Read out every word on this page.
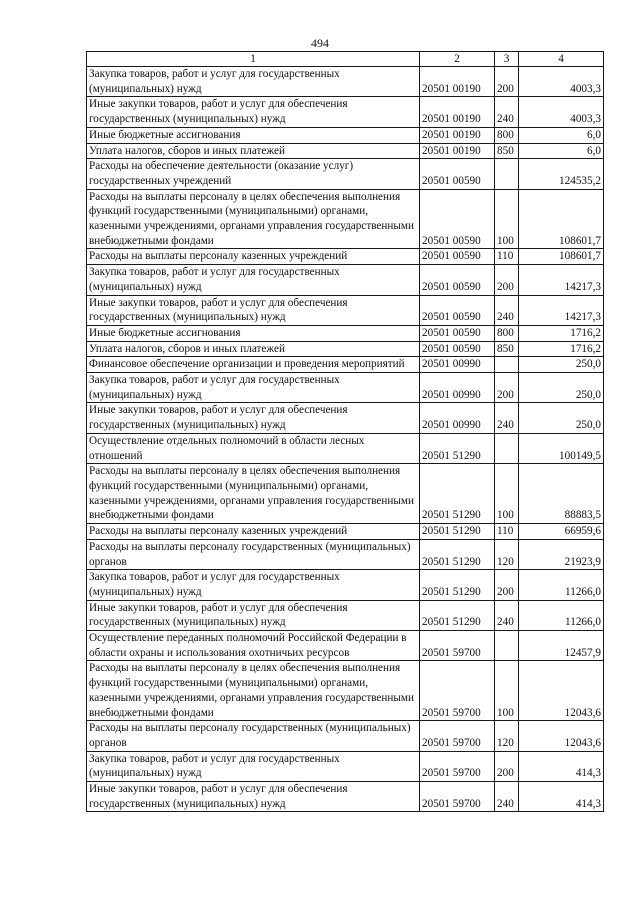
494
1	2	3	4
Закупка товаров, работ и услуг для государственных (муниципальных) нужд	20501 00190	200	4003,3
Иные закупки товаров, работ и услуг для обеспечения государственных (муниципальных) нужд	20501 00190	240	4003,3
Иные бюджетные ассигнования	20501 00190	800	6,0
Уплата налогов, сборов и иных платежей	20501 00190	850	6,0
Расходы на обеспечение деятельности (оказание услуг) государственных учреждений	20501 00590		124535,2
Расходы на выплаты персоналу в целях обеспечения выполнения функций государственными (муниципальными) органами, казенными учреждениями, органами управления государственными внебюджетными фондами	20501 00590	100	108601,7
Расходы на выплаты персоналу казенных учреждений	20501 00590	110	108601,7
Закупка товаров, работ и услуг для государственных (муниципальных) нужд	20501 00590	200	14217,3
Иные закупки товаров, работ и услуг для обеспечения государственных (муниципальных) нужд	20501 00590	240	14217,3
Иные бюджетные ассигнования	20501 00590	800	1716,2
Уплата налогов, сборов и иных платежей	20501 00590	850	1716,2
Финансовое обеспечение организации и проведения мероприятий	20501 00990		250,0
Закупка товаров, работ и услуг для государственных (муниципальных) нужд	20501 00990	200	250,0
Иные закупки товаров, работ и услуг для обеспечения государственных (муниципальных) нужд	20501 00990	240	250,0
Осуществление отдельных полномочий в области лесных отношений	20501 51290		100149,5
Расходы на выплаты персоналу в целях обеспечения выполнения функций государственными (муниципальными) органами, казенными учреждениями, органами управления государственными внебюджетными фондами	20501 51290	100	88883,5
Расходы на выплаты персоналу казенных учреждений	20501 51290	110	66959,6
Расходы на выплаты персоналу государственных (муниципальных) органов	20501 51290	120	21923,9
Закупка товаров, работ и услуг для государственных (муниципальных) нужд	20501 51290	200	11266,0
Иные закупки товаров, работ и услуг для обеспечения государственных (муниципальных) нужд	20501 51290	240	11266,0
Осуществление переданных полномочий Российской Федерации в области охраны и использования охотничьих ресурсов	20501 59700		12457,9
Расходы на выплаты персоналу в целях обеспечения выполнения функций государственными (муниципальными) органами, казенными учреждениями, органами управления государственными внебюджетными фондами	20501 59700	100	12043,6
Расходы на выплаты персоналу государственных (муниципальных) органов	20501 59700	120	12043,6
Закупка товаров, работ и услуг для государственных (муниципальных) нужд	20501 59700	200	414,3
Иные закупки товаров, работ и услуг для обеспечения государственных (муниципальных) нужд	20501 59700	240	414,3
